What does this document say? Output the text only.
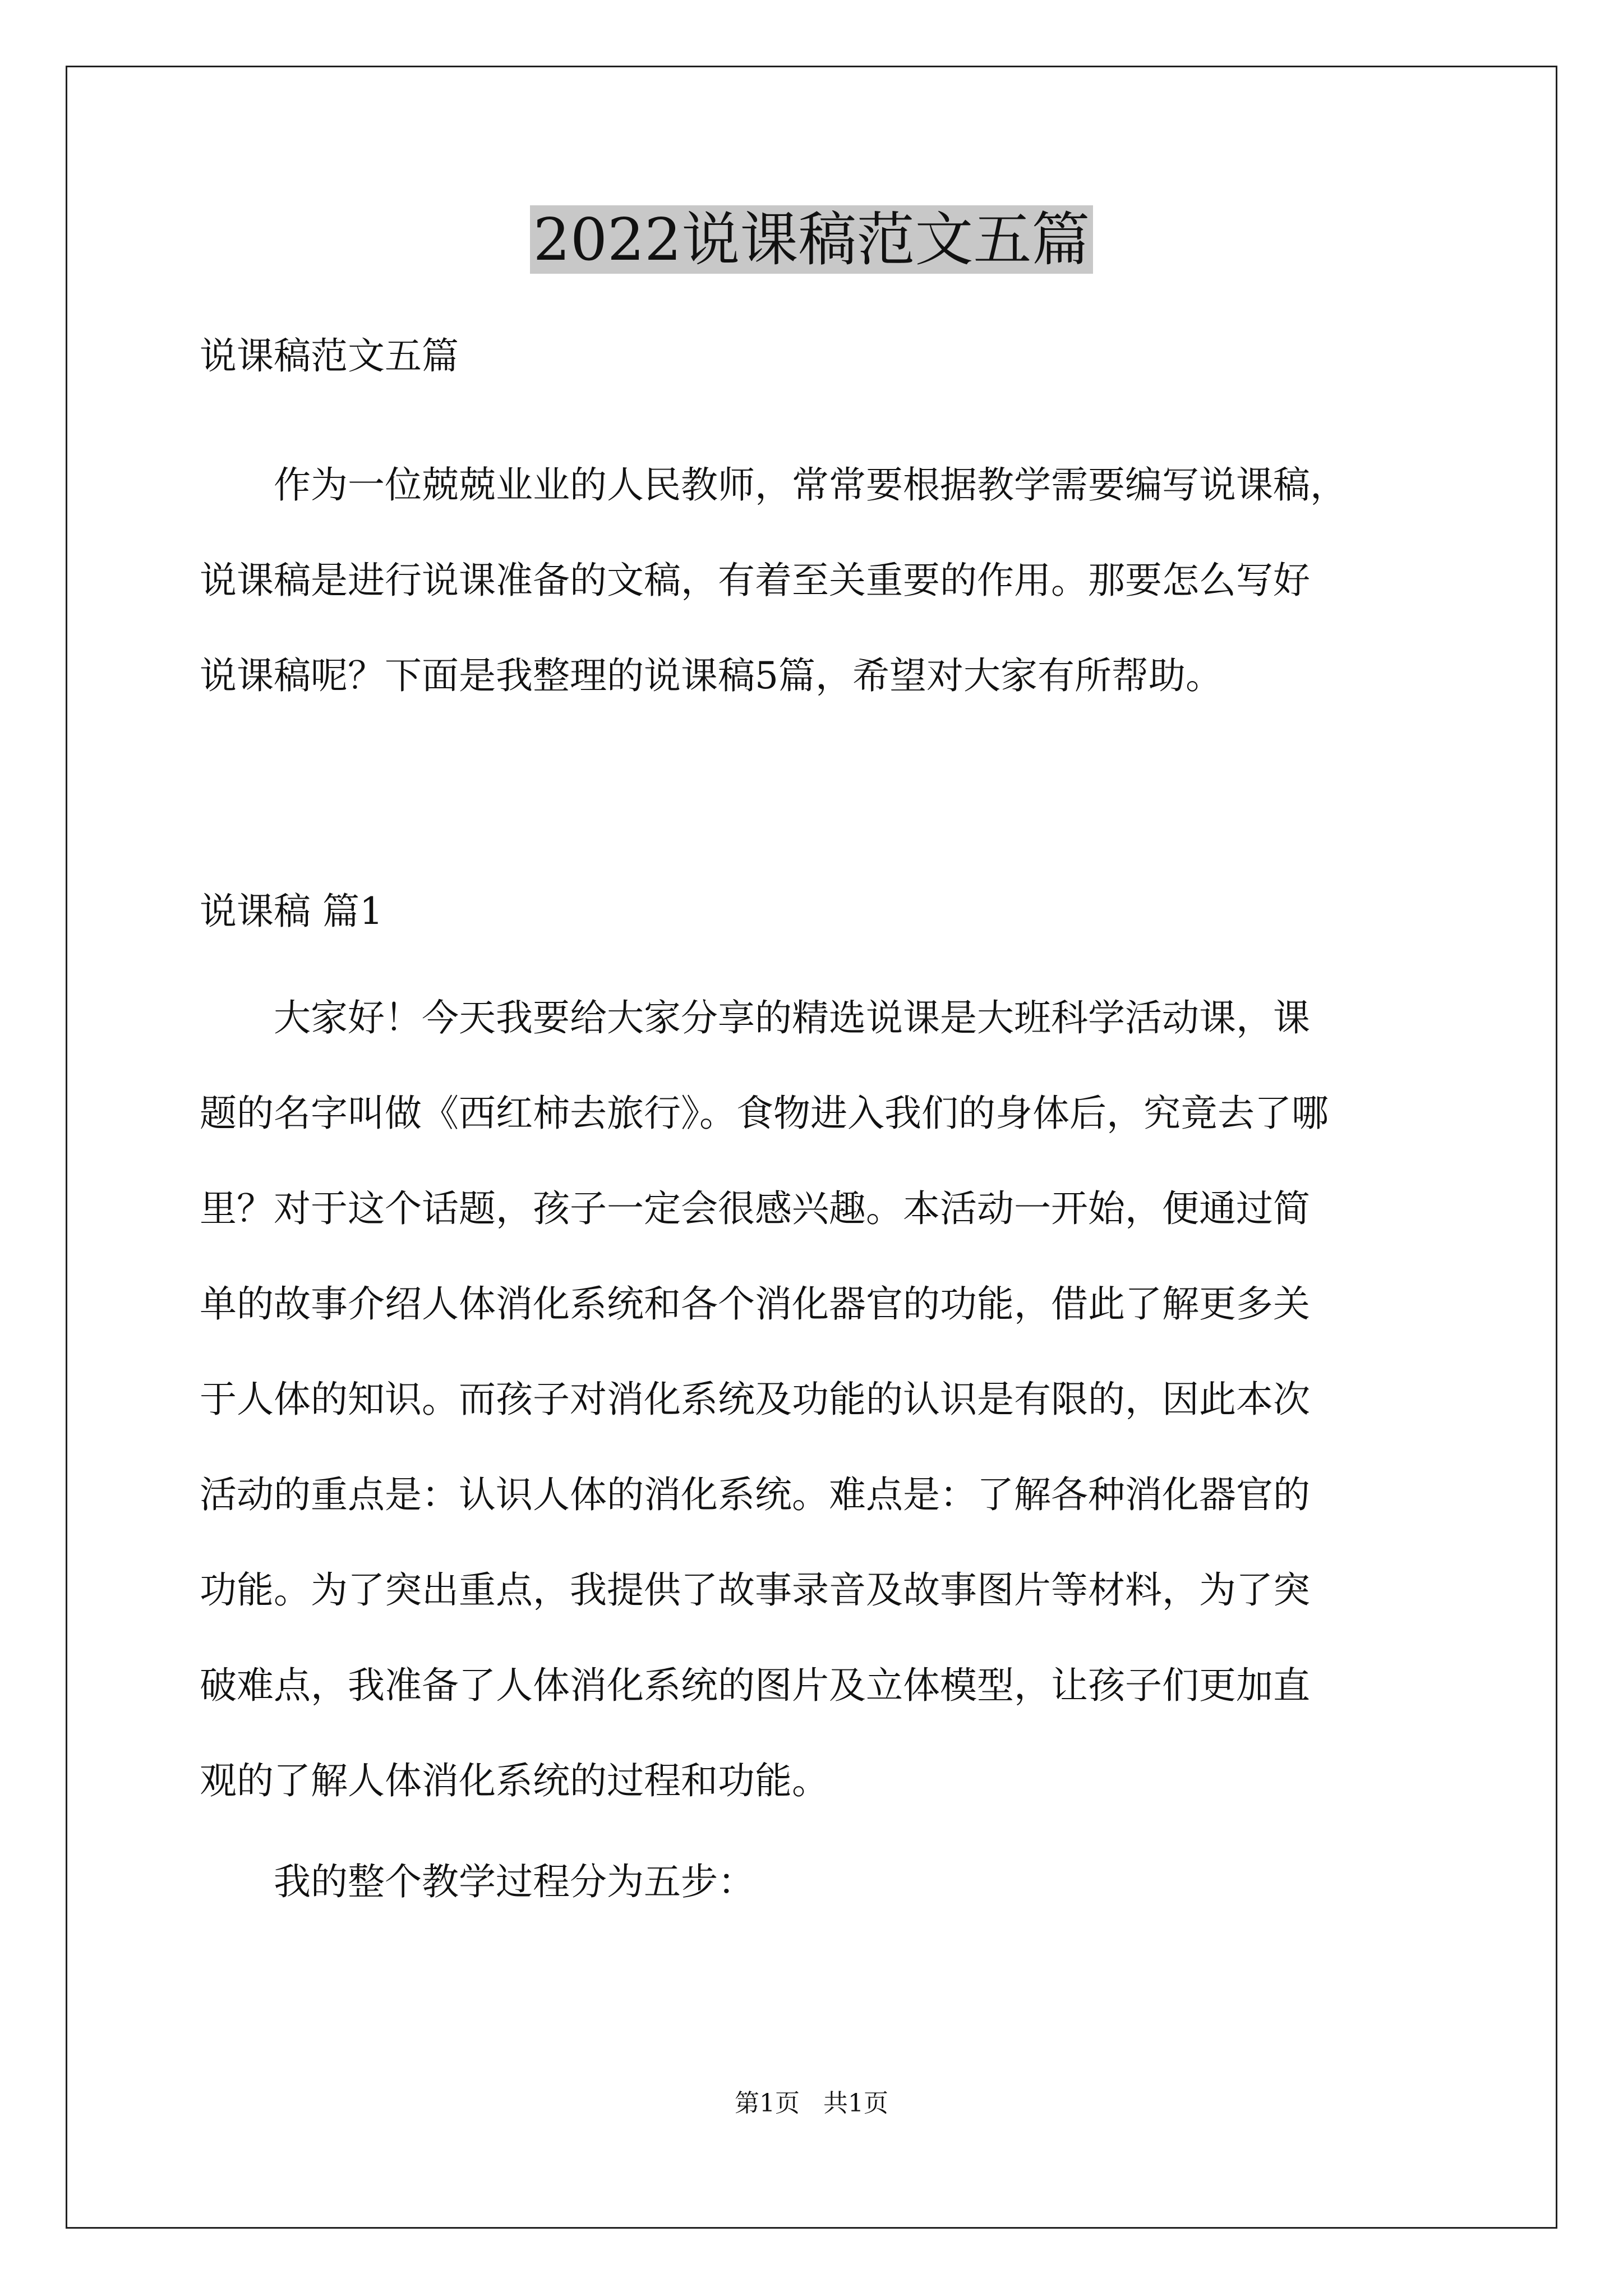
2022说课稿范文五篇
说课稿范文五篇
作为一位兢兢业业的人民教师，常常要根据教学需要编写说课稿，
说课稿是进行说课准备的文稿，有着至关重要的作用。那要怎么写好
说课稿呢？下面是我整理的说课稿5篇，希望对大家有所帮助。
说课稿 篇1
大家好！今天我要给大家分享的精选说课是大班科学活动课，课
题的名字叫做《西红柿去旅行》。食物进入我们的身体后，究竟去了哪
里？对于这个话题，孩子一定会很感兴趣。本活动一开始，便通过简
单的故事介绍人体消化系统和各个消化器官的功能，借此了解更多关
于人体的知识。而孩子对消化系统及功能的认识是有限的，因此本次
活动的重点是：认识人体的消化系统。难点是：了解各种消化器官的
功能。为了突出重点，我提供了故事录音及故事图片等材料，为了突
破难点，我准备了人体消化系统的图片及立体模型，让孩子们更加直
观的了解人体消化系统的过程和功能。
我的整个教学过程分为五步：
第1页 共1页
